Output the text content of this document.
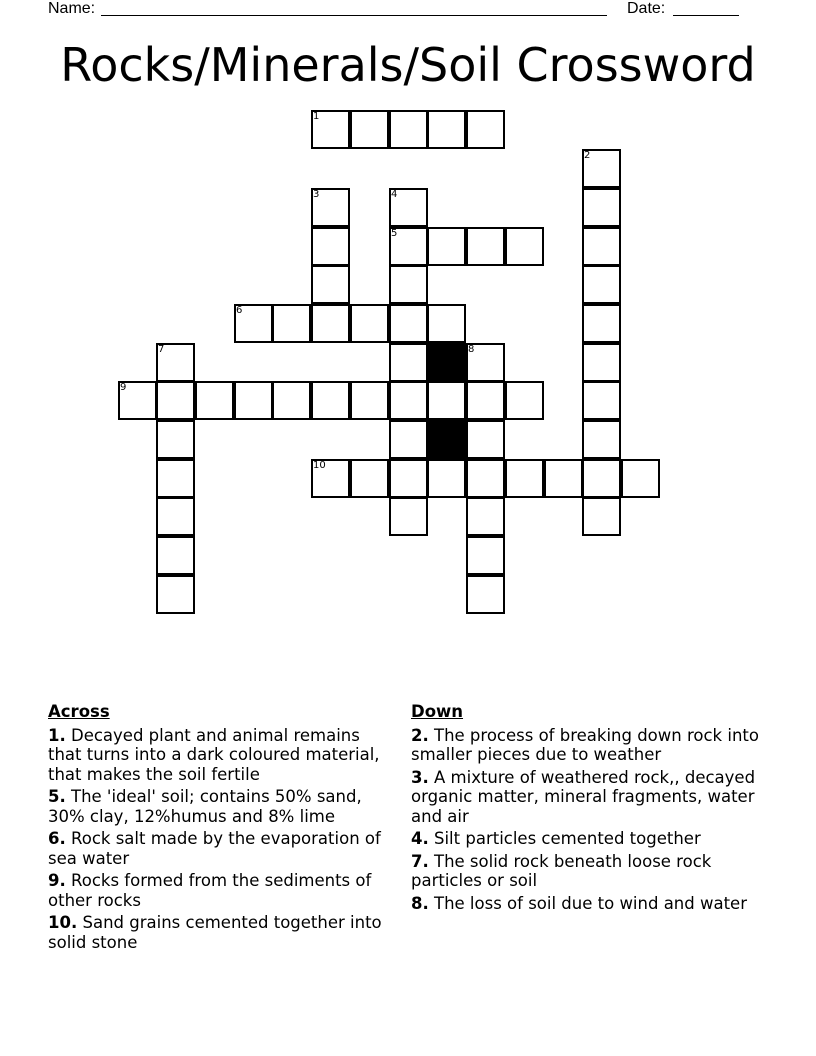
Name:	Date:
Rocks/Minerals/Soil Crossword
1
2
3	4
5
6
7	8
9
10
Across
1. Decayed plant and animal remains that turns into a dark coloured material, that makes the soil fertile
5. The 'ideal' soil; contains 50% sand, 30% clay, 12%humus and 8% lime
6. Rock salt made by the evaporation of sea water
9. Rocks formed from the sediments of other rocks
10. Sand grains cemented together into solid stone
Down
2. The process of breaking down rock into smaller pieces due to weather
3. A mixture of weathered rock,, decayed organic matter, mineral fragments, water and air
4. Silt particles cemented together
7. The solid rock beneath loose rock particles or soil
8. The loss of soil due to wind and water
